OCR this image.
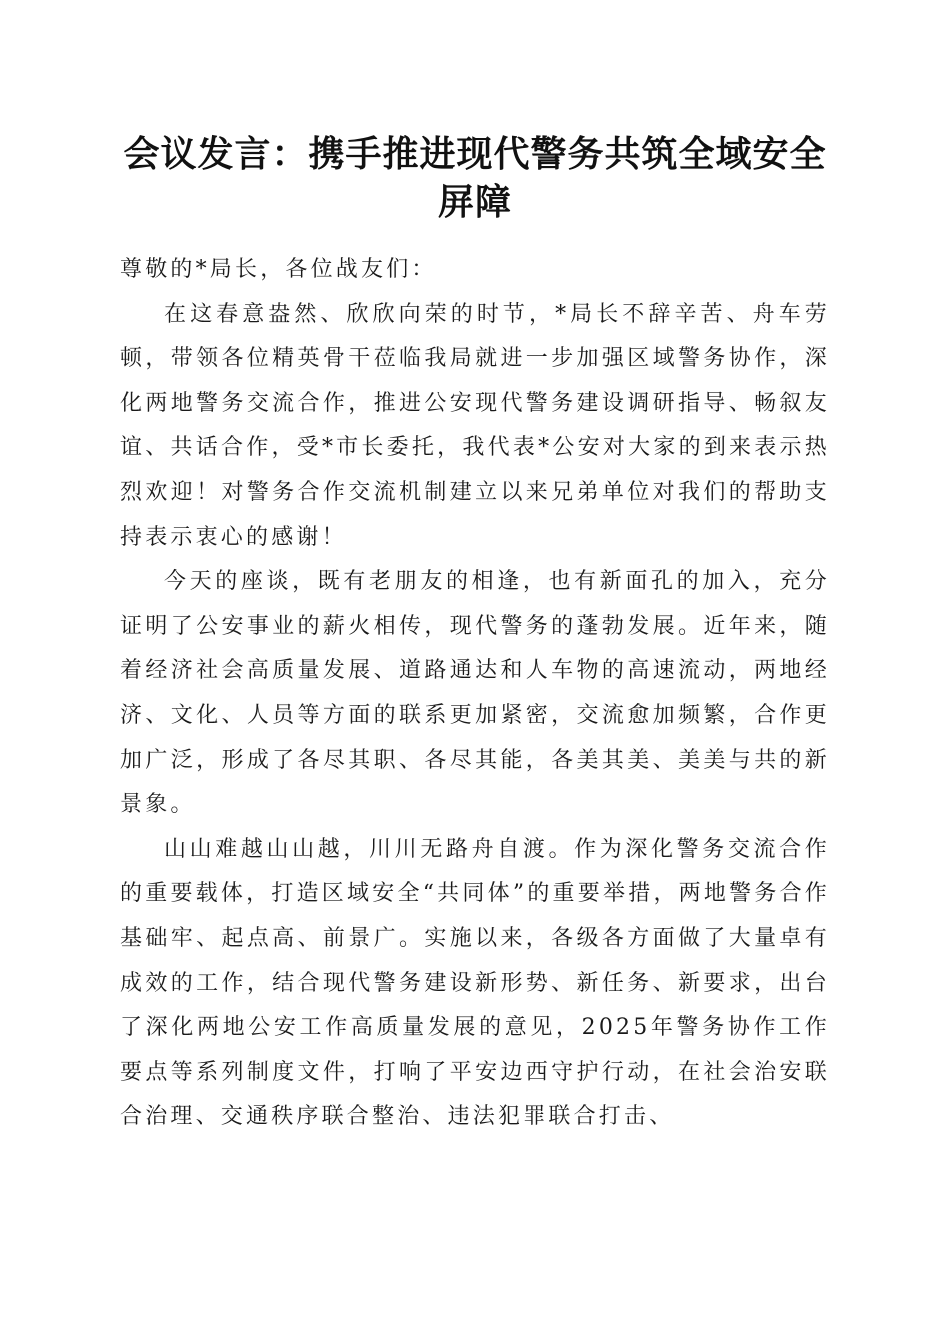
会议发言：携手推进现代警务共筑全域安全屏障

尊敬的*局长，各位战友们：

在这春意盎然、欣欣向荣的时节，*局长不辞辛苦、舟车劳顿，带领各位精英骨干莅临我局就进一步加强区域警务协作，深化两地警务交流合作，推进公安现代警务建设调研指导、畅叙友谊、共话合作，受*市长委托，我代表*公安对大家的到来表示热烈欢迎！对警务合作交流机制建立以来兄弟单位对我们的帮助支持表示衷心的感谢！

今天的座谈，既有老朋友的相逢，也有新面孔的加入，充分证明了公安事业的薪火相传，现代警务的蓬勃发展。近年来，随着经济社会高质量发展、道路通达和人车物的高速流动，两地经济、文化、人员等方面的联系更加紧密，交流愈加频繁，合作更加广泛，形成了各尽其职、各尽其能，各美其美、美美与共的新景象。

山山难越山山越，川川无路舟自渡。作为深化警务交流合作的重要载体，打造区域安全“共同体”的重要举措，两地警务合作基础牢、起点高、前景广。实施以来，各级各方面做了大量卓有成效的工作，结合现代警务建设新形势、新任务、新要求，出台了深化两地公安工作高质量发展的意见，2025年警务协作工作要点等系列制度文件，打响了平安边西守护行动，在社会治安联合治理、交通秩序联合整治、违法犯罪联合打击、
